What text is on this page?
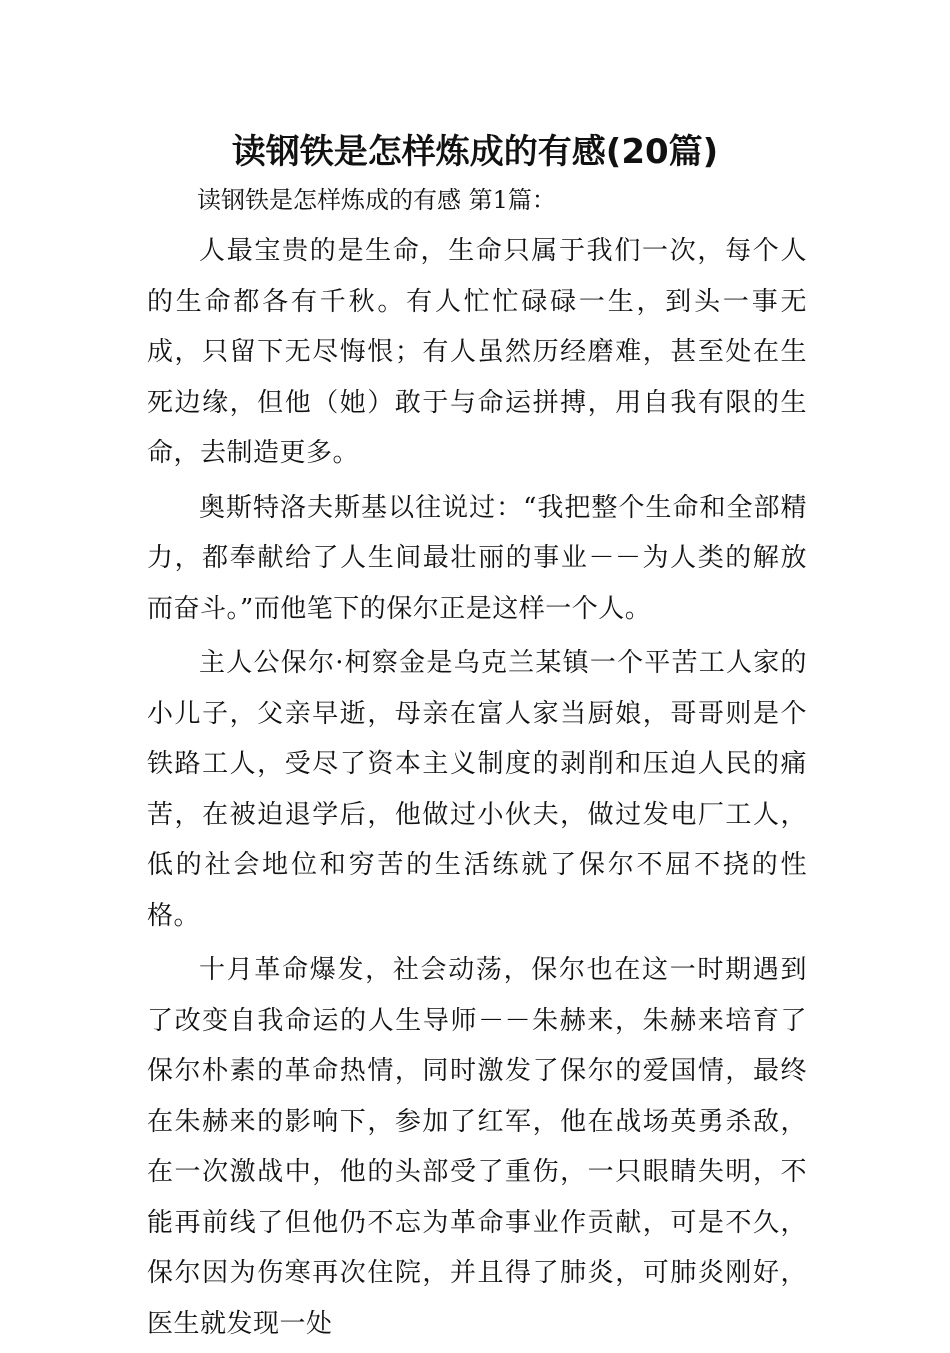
读钢铁是怎样炼成的有感(20篇)
读钢铁是怎样炼成的有感 第1篇：

人最宝贵的是生命，生命只属于我们一次，每个人的生命都各有千秋。有人忙忙碌碌一生，到头一事无成，只留下无尽悔恨；有人虽然历经磨难，甚至处在生死边缘，但他（她）敢于与命运拼搏，用自我有限的生命，去制造更多。

奥斯特洛夫斯基以往说过：“我把整个生命和全部精力，都奉献给了人生间最壮丽的事业－－为人类的解放而奋斗。”而他笔下的保尔正是这样一个人。

主人公保尔·柯察金是乌克兰某镇一个平苦工人家的小儿子，父亲早逝，母亲在富人家当厨娘，哥哥则是个铁路工人，受尽了资本主义制度的剥削和压迫人民的痛苦，在被迫退学后，他做过小伙夫，做过发电厂工人，低的社会地位和穷苦的生活练就了保尔不屈不挠的性格。

十月革命爆发，社会动荡，保尔也在这一时期遇到了改变自我命运的人生导师－－朱赫来，朱赫来培育了保尔朴素的革命热情，同时激发了保尔的爱国情，最终在朱赫来的影响下，参加了红军，他在战场英勇杀敌，在一次激战中，他的头部受了重伤，一只眼睛失明，不能再前线了但他仍不忘为革命事业作贡献，可是不久，保尔因为伤寒再次住院，并且得了肺炎，可肺炎刚好，医生就发现一处
